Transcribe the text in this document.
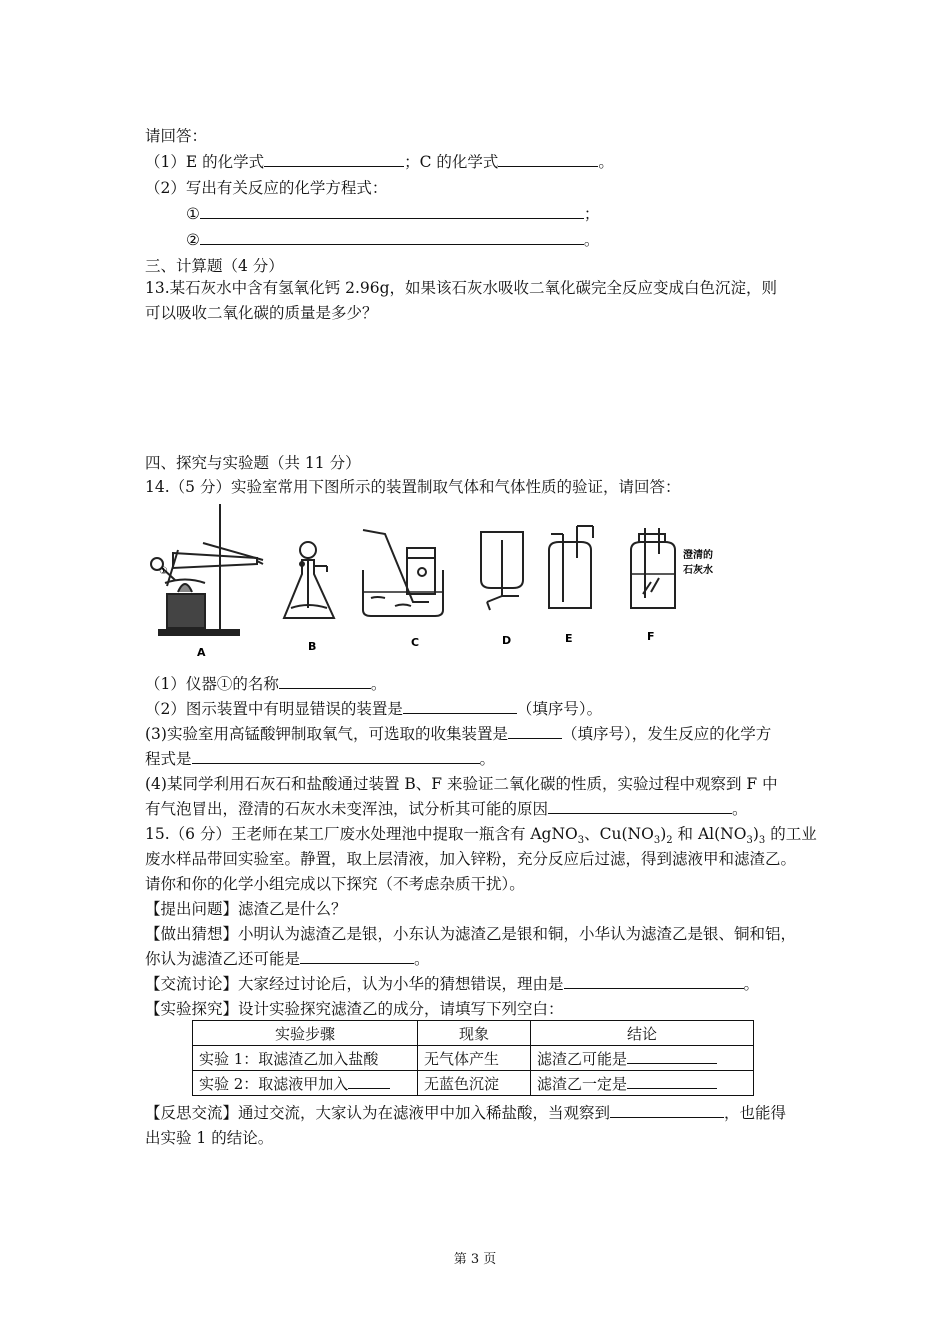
请回答：
（1）E 的化学式	；C 的化学式	。
（2）写出有关反应的化学方程式：
①	；
②	。
三、计算题（4 分）
13.某石灰水中含有氢氧化钙 2.96g，如果该石灰水吸收二氧化碳完全反应变成白色沉淀，则
可以吸收二氧化碳的质量是多少？
四、探究与实验题（共 11 分）
14.（5 分）实验室常用下图所示的装置制取气体和气体性质的验证，请回答：
①
澄清的
石灰水
A	B	C	D	E	F
（1）仪器①的名称	。
（2）图示装置中有明显错误的装置是	（填序号）。
(3)实验室用高锰酸钾制取氧气，可选取的收集装置是	（填序号），发生反应的化学方
程式是	。
(4)某同学利用石灰石和盐酸通过装置 B、F 来验证二氧化碳的性质，实验过程中观察到 F 中
有气泡冒出，澄清的石灰水未变浑浊，试分析其可能的原因	。
15.（6 分）王老师在某工厂废水处理池中提取一瓶含有 AgNO$_3$、$Cu(NO_3)_2$ 和 $Al(NO_3)_3$ 的工业
废水样品带回实验室。静置，取上层清液，加入锌粉，充分反应后过滤，得到滤液甲和滤渣乙。
请你和你的化学小组完成以下探究（不考虑杂质干扰）。
【提出问题】滤渣乙是什么？
【做出猜想】小明认为滤渣乙是银，小东认为滤渣乙是银和铜，小华认为滤渣乙是银、铜和铝，
你认为滤渣乙还可能是	。
【交流讨论】大家经过讨论后，认为小华的猜想错误，理由是	。
【实验探究】设计实验探究滤渣乙的成分，请填写下列空白：
实验步骤	现象	结论
实验 1：取滤渣乙加入盐酸	无气体产生	滤渣乙可能是
实验 2：取滤液甲加入	无蓝色沉淀	滤渣乙一定是
【反思交流】通过交流，大家认为在滤液甲中加入稀盐酸，当观察到	，也能得
出实验 1 的结论。
第 3 页
